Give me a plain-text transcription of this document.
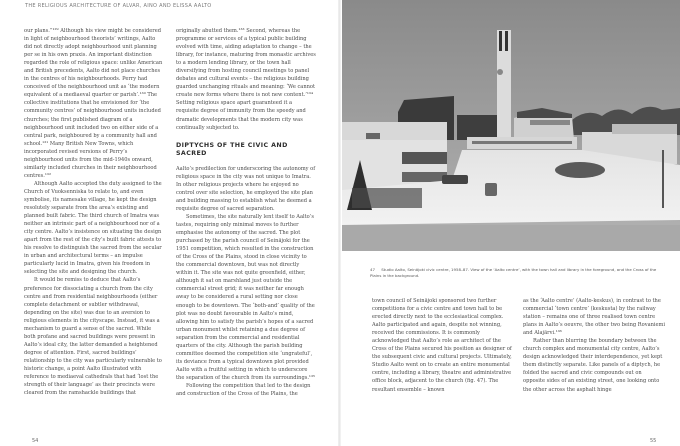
THE RELIGIOUS ARCHITECTURE OF ALVAR, AINO AND ELISSA AALTO

our plans.”¹²⁹ Although his view might be considered in light of neighbourhood theorists’ writings, Aalto did not directly adopt neighbourhood unit planning per se in his own praxis. An important distinction regarded the role of religious space: unlike American and British precedents, Aalto did not place churches in the centres of his neighbourhoods. Perry had conceived of the neighbourhood unit as ‘the modern equivalent of a mediaeval quarter or parish’.¹³⁰ The collective institutions that he envisioned for ‘the community centres’ of neighbourhood units included churches; the first published diagram of a neighbourhood unit included two on either side of a central park, neighboured by a community hall and school.¹³¹ Many British New Towns, which incorporated revised versions of Perry’s neighbourhood units from the mid-1940s onward, similarly included churches in their neighbourhood centres.¹³²

Although Aalto accepted the duty assigned to the Church of Vuoksenniska to relate to, and even symbolise, its namesake village, he kept the design resolutely separate from the area’s existing and planned built fabric. The third church of Imatra was neither an intrinsic part of a neighbourhood nor of a city centre. Aalto’s insistence on situating the design apart from the rest of the city’s built fabric attests to his resolve to distinguish the sacred from the secular in urban and architectural terms – an impulse particularly lucid in Imatra, given his freedom in selecting the site and designing the church.

It would be remiss to deduce that Aalto’s preference for dissociating a church from the city centre and from residential neighbourhoods (either complete detachment or subtler withdrawal, depending on the site) was due to an aversion to religious elements in the cityscape. Instead, it was a mechanism to guard a sense of the sacred. While both profane and sacred buildings were present in Aalto’s ideal city, the latter demanded a heightened degree of attention. First, sacred buildings’ relationship to the city was particularly vulnerable to historic change, a point Aalto illustrated with reference to mediaeval cathedrals that had ‘lost the strength of their language’ as their precincts were cleared from the ramshackle buildings that

originally abutted them.¹³³ Second, whereas the programme or services of a typical public building evolved with time, aiding adaptation to change – the library, for instance, maturing from monastic archives to a modern lending library, or the town hall diversifying from hosting council meetings to panel debates and cultural events – the religious building guarded unchanging rituals and meaning: ‘We cannot create new forms where there is not new content.’¹³⁴ Setting religious space apart guaranteed it a requisite degree of immunity from the speedy and dramatic developments that the modern city was continually subjected to.

DIPTYCHS OF THE CIVIC AND SACRED

Aalto’s predilection for underscoring the autonomy of religious space in the city was not unique to Imatra. In other religious projects where he enjoyed no control over site selection, he employed the site plan and building massing to establish what he deemed a requisite degree of sacred separation.

Sometimes, the site naturally lent itself to Aalto’s tastes, requiring only minimal moves to further emphasise the autonomy of the sacred. The plot purchased by the parish council of Seinäjoki for the 1951 competition, which resulted in the construction of the Cross of the Plains, stood in close vicinity to the commercial downtown, but was not directly within it. The site was not quite greenfield, either, although it sat on marshland just outside the commercial street grid; it was neither far enough away to be considered a rural setting nor close enough to be downtown. The ‘both-and’ quality of the plot was no doubt favourable in Aalto’s mind, allowing him to satisfy the parish’s hopes of a sacred urban monument whilst retaining a due degree of separation from the commercial and residential quarters of the city. Although the parish building committee deemed the competition site ‘ungrateful’, its deviance from a typical downtown plot provided Aalto with a fruitful setting in which to underscore the separation of the church from its surroundings.¹³⁵

Following the competition that led to the design and construction of the Cross of the Plains, the

54
47 Studio Aalto, Seinäjoki civic centre, 1958–87. View of the ‘Aalto centre’, with the town hall and library in the foreground, and the Cross of the Plains in the background.

town council of Seinäjoki sponsored two further competitions for a civic centre and town hall to be erected directly next to the ecclesiastical complex. Aalto participated and again, despite not winning, received the commissions. It is commonly acknowledged that Aalto’s role as architect of the Cross of the Plains secured his position as designer of the subsequent civic and cultural projects. Ultimately, Studio Aalto went on to create an entire monumental centre, including a library, theatre and administrative office block, adjacent to the church (fig. 47). The resultant ensemble – known

as the ‘Aalto centre’ (Aalto-keskus), in contrast to the commercial ‘town centre’ (keskusta) by the railway station – remains one of three realised town centre plans in Aalto’s oeuvre, the other two being Rovaniemi and Alajärvi.¹³⁶

Rather than blurring the boundary between the church complex and monumental city centre, Aalto’s design acknowledged their interdependence, yet kept them distinctly separate. Like panels of a diptych, he folded the sacred and civic compounds out on opposite sides of an existing street, one looking onto the other across the asphalt hinge

55
